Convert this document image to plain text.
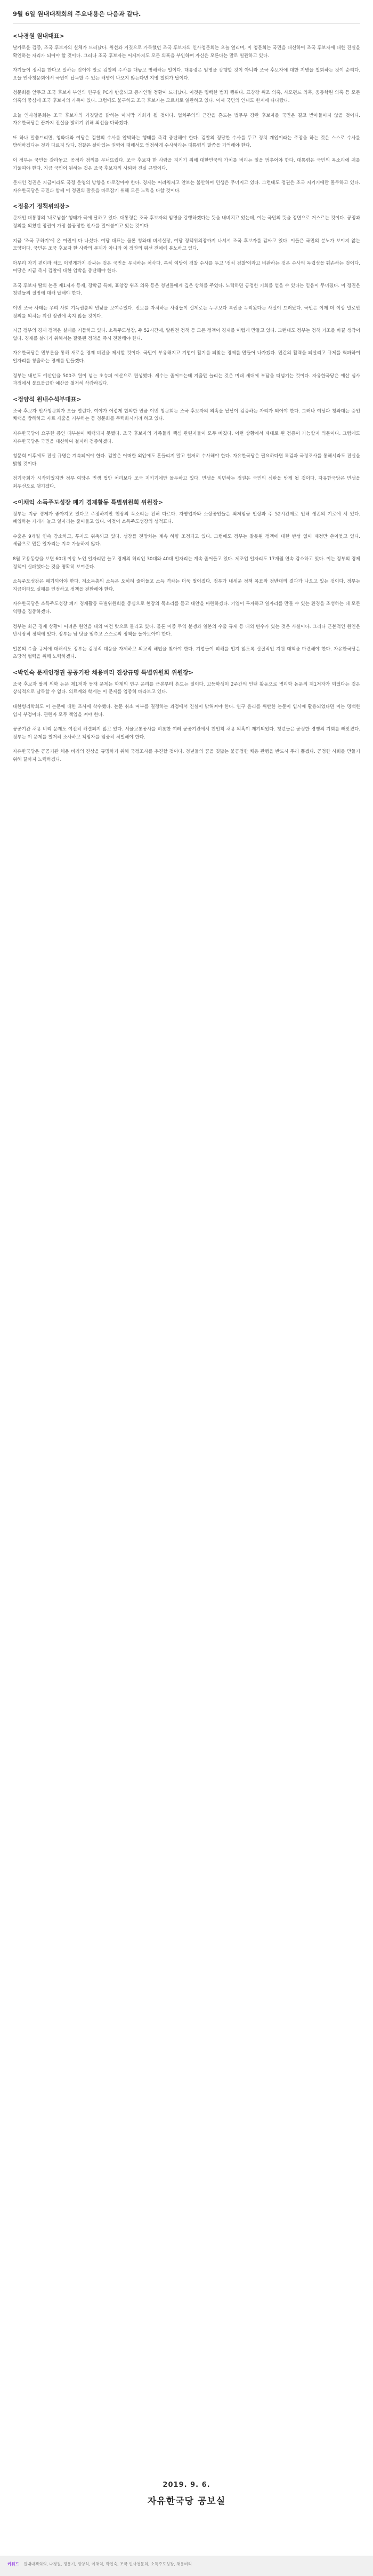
9월 6일 원내대책회의 주요내용은 다음과 같다.
<나경원 원내대표>

날카로운 검증, 조국 후보자의 실체가 드러났다. 위선과 거짓으로 가득했던 조국 후보자의 인사청문회는 오늘 열리며, 이 청문회는 국민을 대신하여 조국 후보자에 대한 진실을 확인하는 자리가 되어야 할 것이다. 그러나 조국 후보자는 어제까지도 모든 의혹을 부인하며 자신은 모른다는 말로 일관하고 있다.

자기들이 정치를 한다고 말하는 것이야 말로 검찰의 수사를 대놓고 방해하는 일이다. 대통령은 임명을 강행할 것이 아니라 조국 후보자에 대한 지명을 철회하는 것이 순리다. 오늘 인사청문회에서 국민이 납득할 수 있는 해명이 나오지 않는다면 지명 철회가 답이다.

청문회를 앞두고 조국 후보자 부인의 연구실 PC가 반출되고 증거인멸 정황이 드러났다. 이것은 명백한 범죄 행위다. 표창장 위조 의혹, 사모펀드 의혹, 웅동학원 의혹 등 모든 의혹의 중심에 조국 후보자의 가족이 있다. 그럼에도 불구하고 조국 후보자는 모르쇠로 일관하고 있다. 이제 국민의 인내도 한계에 다다랐다.

오늘 인사청문회는 조국 후보자의 거짓말을 밝히는 마지막 기회가 될 것이다. 법치주의의 근간을 흔드는 법무부 장관 후보자를 국민은 결코 받아들이지 않을 것이다. 자유한국당은 끝까지 진실을 밝히기 위해 최선을 다하겠다.

또 하나 말씀드리면, 청와대와 여당은 검찰의 수사를 압박하는 행태를 즉각 중단해야 한다. 검찰의 정당한 수사를 두고 정치 개입이라는 주장을 하는 것은 스스로 수사를 방해하겠다는 것과 다르지 않다. 검찰은 살아있는 권력에 대해서도 엄정하게 수사하라는 대통령의 말씀을 기억해야 한다.

이 정부는 국민을 갈라놓고, 공정과 정의를 무너뜨렸다. 조국 후보자 한 사람을 지키기 위해 대한민국의 가치를 버리는 일을 멈추어야 한다. 대통령은 국민의 목소리에 귀를 기울여야 한다. 지금 국민이 원하는 것은 조국 후보자의 사퇴와 진실 규명이다.

문재인 정권은 지금이라도 국정 운영의 방향을 바로잡아야 한다. 경제는 어려워지고 안보는 불안하며 민생은 무너지고 있다. 그런데도 정권은 조국 지키기에만 몰두하고 있다. 자유한국당은 국민과 함께 이 정권의 잘못을 바로잡기 위해 모든 노력을 다할 것이다.

<정용기 정책위의장>

문재인 대통령의 '내로남불' 행태가 극에 달하고 있다. 대통령은 조국 후보자의 임명을 강행하겠다는 뜻을 내비치고 있는데, 이는 국민의 뜻을 정면으로 거스르는 것이다. 공정과 정의를 외쳤던 정권이 가장 불공정한 인사를 밀어붙이고 있는 것이다.

지금 '조국 구하기'에 온 여권이 다 나섰다. 여당 대표는 물론 청와대 비서실장, 여당 정책위의장까지 나서서 조국 후보자를 감싸고 있다. 이들은 국민의 분노가 보이지 않는 모양이다. 국민은 조국 후보자 한 사람의 문제가 아니라 이 정권의 위선 전체에 분노하고 있다.

아무리 자기 편이라 해도 이렇게까지 감싸는 것은 국민을 무시하는 처사다. 특히 여당이 검찰 수사를 두고 '정치 검찰'이라고 비판하는 것은 수사의 독립성을 훼손하는 것이다. 여당은 지금 즉시 검찰에 대한 압박을 중단해야 한다.

조국 후보자 딸의 논문 제1저자 등재, 장학금 특혜, 표창장 위조 의혹 등은 청년들에게 깊은 상처를 주었다. 노력하면 공정한 기회를 얻을 수 있다는 믿음이 무너졌다. 이 정권은 청년들의 절망에 대해 답해야 한다.

이번 조국 사태는 우리 사회 기득권층의 민낯을 보여주었다. 진보를 자처하는 사람들이 실제로는 누구보다 특권을 누려왔다는 사실이 드러났다. 국민은 이제 더 이상 말로만 정의를 외치는 위선 정권에 속지 않을 것이다.

지금 정부의 경제 정책은 실패를 거듭하고 있다. 소득주도성장, 주 52시간제, 탈원전 정책 등 모든 정책이 경제를 어렵게 만들고 있다. 그런데도 정부는 정책 기조를 바꿀 생각이 없다. 경제를 살리기 위해서는 잘못된 정책을 즉시 전환해야 한다.

자유한국당은 민부론을 통해 새로운 경제 비전을 제시할 것이다. 국민이 부유해지고 기업이 활기를 되찾는 경제를 만들어 나가겠다. 민간의 활력을 되살리고 규제를 혁파하여 일자리를 창출하는 경제를 만들겠다.

정부는 내년도 예산안을 500조 원이 넘는 초슈퍼 예산으로 편성했다. 세수는 줄어드는데 지출만 늘리는 것은 미래 세대에 부담을 떠넘기는 것이다. 자유한국당은 예산 심사 과정에서 불요불급한 예산을 철저히 삭감하겠다.

<정양석 원내수석부대표>

조국 후보자 인사청문회가 오늘 열린다. 여야가 어렵게 합의한 만큼 이번 청문회는 조국 후보자의 의혹을 낱낱이 검증하는 자리가 되어야 한다. 그러나 여당과 청와대는 증인 채택을 방해하고 자료 제출을 거부하는 등 청문회를 무력화시키려 하고 있다.

자유한국당이 요구한 증인 대부분이 채택되지 못했다. 조국 후보자의 가족들과 핵심 관련자들이 모두 빠졌다. 이런 상황에서 제대로 된 검증이 가능할지 의문이다. 그럼에도 자유한국당은 국민을 대신하여 철저히 검증하겠다.

청문회 이후에도 진실 규명은 계속되어야 한다. 검찰은 어떠한 외압에도 흔들리지 말고 철저히 수사해야 한다. 자유한국당은 필요하다면 특검과 국정조사를 통해서라도 진실을 밝힐 것이다.

정기국회가 시작되었지만 정부 여당은 민생 법안 처리보다 조국 지키기에만 몰두하고 있다. 민생을 외면하는 정권은 국민의 심판을 받게 될 것이다. 자유한국당은 민생을 최우선으로 챙기겠다.

<이채익 소득주도성장 폐기 경제활동 특별위원회 위원장>

정부는 지금 경제가 좋아지고 있다고 주장하지만 현장의 목소리는 전혀 다르다. 자영업자와 소상공인들은 최저임금 인상과 주 52시간제로 인해 생존의 기로에 서 있다. 폐업하는 가게가 늘고 일자리는 줄어들고 있다. 이것이 소득주도성장의 성적표다.

수출은 9개월 연속 감소하고, 투자도 위축되고 있다. 성장률 전망치는 계속 하향 조정되고 있다. 그럼에도 정부는 잘못된 정책에 대한 반성 없이 재정만 쏟아붓고 있다. 세금으로 만든 일자리는 지속 가능하지 않다.

8월 고용동향을 보면 60대 이상 노인 일자리만 늘고 경제의 허리인 30대와 40대 일자리는 계속 줄어들고 있다. 제조업 일자리도 17개월 연속 감소하고 있다. 이는 정부의 경제 정책이 실패했다는 것을 명확히 보여준다.

소득주도성장은 폐기되어야 한다. 저소득층의 소득은 오히려 줄어들고 소득 격차는 더욱 벌어졌다. 정부가 내세운 정책 목표와 정반대의 결과가 나오고 있는 것이다. 정부는 지금이라도 실패를 인정하고 정책을 전환해야 한다.

자유한국당은 소득주도성장 폐기 경제활동 특별위원회를 중심으로 현장의 목소리를 듣고 대안을 마련하겠다. 기업이 투자하고 일자리를 만들 수 있는 환경을 조성하는 데 모든 역량을 집중하겠다.

정부는 최근 경제 상황이 어려운 원인을 대외 여건 탓으로 돌리고 있다. 물론 미중 무역 분쟁과 일본의 수출 규제 등 대외 변수가 있는 것은 사실이다. 그러나 근본적인 원인은 반시장적 정책에 있다. 정부는 남 탓을 멈추고 스스로의 정책을 돌아보아야 한다.

일본의 수출 규제에 대해서도 정부는 감정적 대응을 자제하고 외교적 해법을 찾아야 한다. 기업들이 피해를 입지 않도록 실질적인 지원 대책을 마련해야 한다. 자유한국당은 초당적 협력을 위해 노력하겠다.

<박인숙 문재인정권 공공기관 채용비리 진상규명 특별위원회 위원장>

조국 후보자 딸의 의학 논문 제1저자 등재 문제는 학계의 연구 윤리를 근본부터 흔드는 일이다. 고등학생이 2주간의 인턴 활동으로 병리학 논문의 제1저자가 되었다는 것은 상식적으로 납득할 수 없다. 의료계와 학계는 이 문제를 엄중히 바라보고 있다.

대한병리학회도 이 논문에 대한 조사에 착수했다. 논문 취소 여부를 결정하는 과정에서 진실이 밝혀져야 한다. 연구 윤리를 위반한 논문이 입시에 활용되었다면 이는 명백한 입시 부정이다. 관련자 모두 책임을 져야 한다.

공공기관 채용 비리 문제도 여전히 해결되지 않고 있다. 서울교통공사를 비롯한 여러 공공기관에서 친인척 채용 의혹이 제기되었다. 청년들은 공정한 경쟁의 기회를 빼앗겼다. 정부는 이 문제를 철저히 조사하고 책임자를 엄중히 처벌해야 한다.

자유한국당은 공공기관 채용 비리의 진상을 규명하기 위해 국정조사를 추진할 것이다. 청년들의 꿈을 짓밟는 불공정한 채용 관행을 반드시 뿌리 뽑겠다. 공정한 사회를 만들기 위해 끝까지 노력하겠다.

2019. 9. 6.
자유한국당 공보실
키워드 원내대책회의, 나경원, 정용기, 정양석, 이채익, 박인숙, 조국 인사청문회, 소득주도성장, 채용비리
